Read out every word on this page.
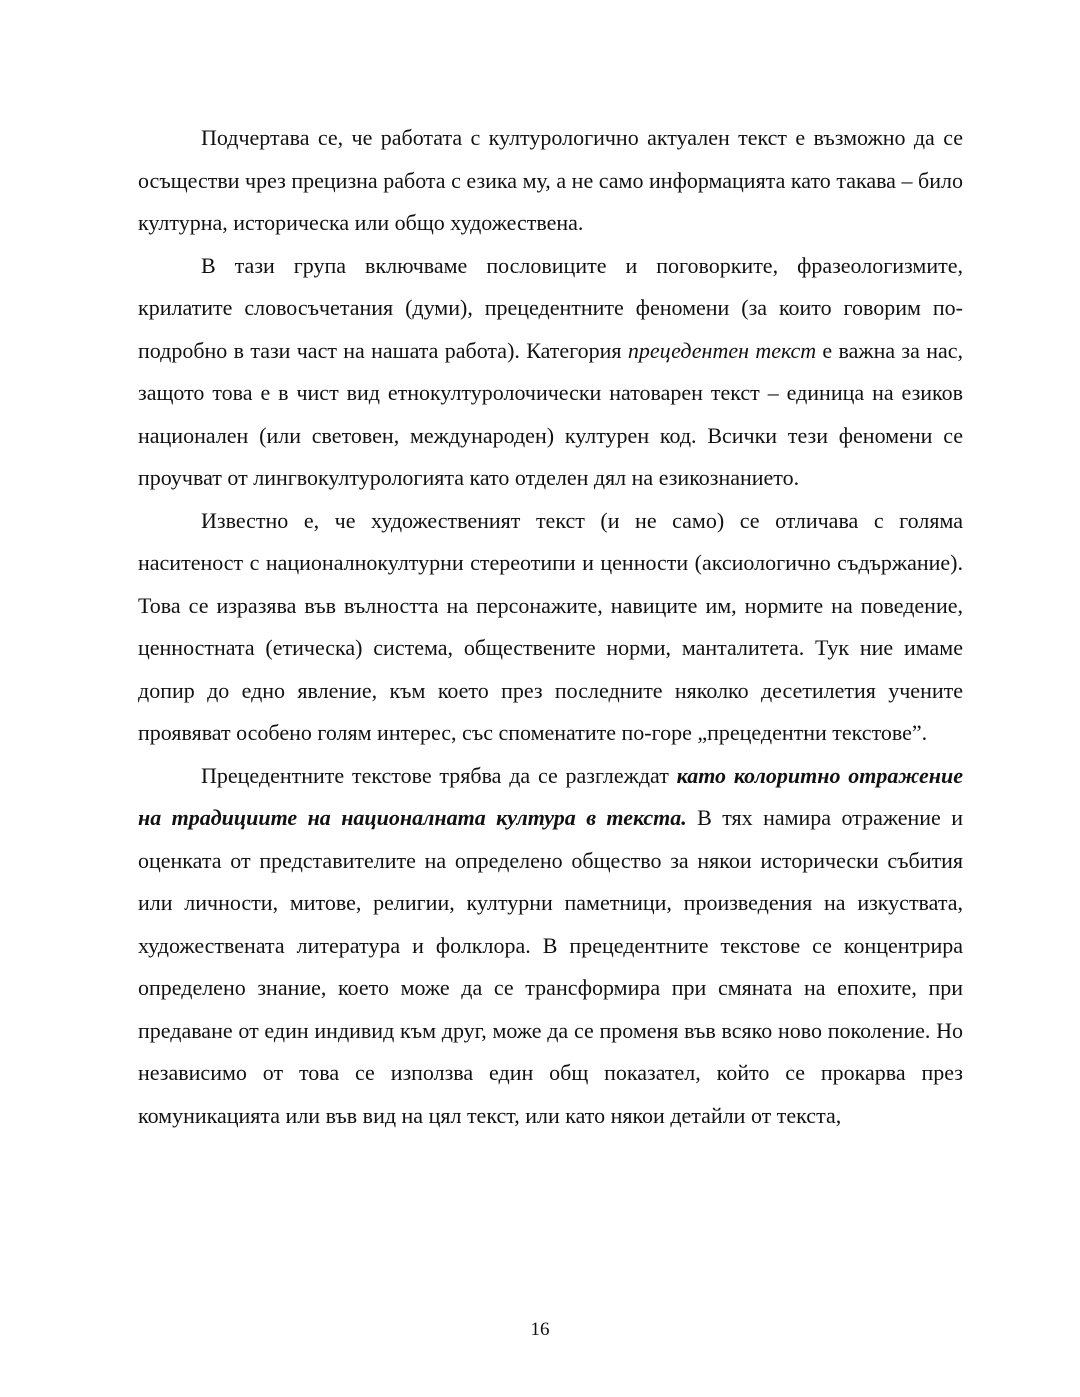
Подчертава се, че работата с културологично актуален текст е възможно да се осъществи чрез прецизна работа с езика му, а не само информацията като такава – било културна, историческа или общо художествена.

В тази група включваме пословиците и поговорките, фразеологизмите, крилатите словосъчетания (думи), прецедентните феномени (за които говорим по-подробно в тази част на нашата работа). Категория прецедентен текст е важна за нас, защото това е в чист вид етнокултуролочически натоварен текст – единица на езиков национален (или световен, международен) културен код. Всички тези феномени се проучват от лингвокултурологията като отделен дял на езикознанието.

Известно е, че художественият текст (и не само) се отличава с голяма наситеност с националнокултурни стереотипи и ценности (аксиологично съдържание). Това се изразява във вълността на персонажите, навиците им, нормите на поведение, ценностната (етическа) система, обществените норми, манталитета. Тук ние имаме допир до едно явление, към което през последните няколко десетилетия учените проявяват особено голям интерес, със споменатите по-горе „прецедентни текстове”.

Прецедентните текстове трябва да се разглеждат като колоритно отражение на традициите на националната култура в текста. В тях намира отражение и оценката от представителите на определено общество за някои исторически събития или личности, митове, религии, културни паметници, произведения на изкуствата, художествената литература и фолклора. В прецедентните текстове се концентрира определено знание, което може да се трансформира при смяната на епохите, при предаване от един индивид към друг, може да се променя във всяко ново поколение. Но независимо от това се използва един общ показател, който се прокарва през комуникацията или във вид на цял текст, или като някои детайли от текста,

16
